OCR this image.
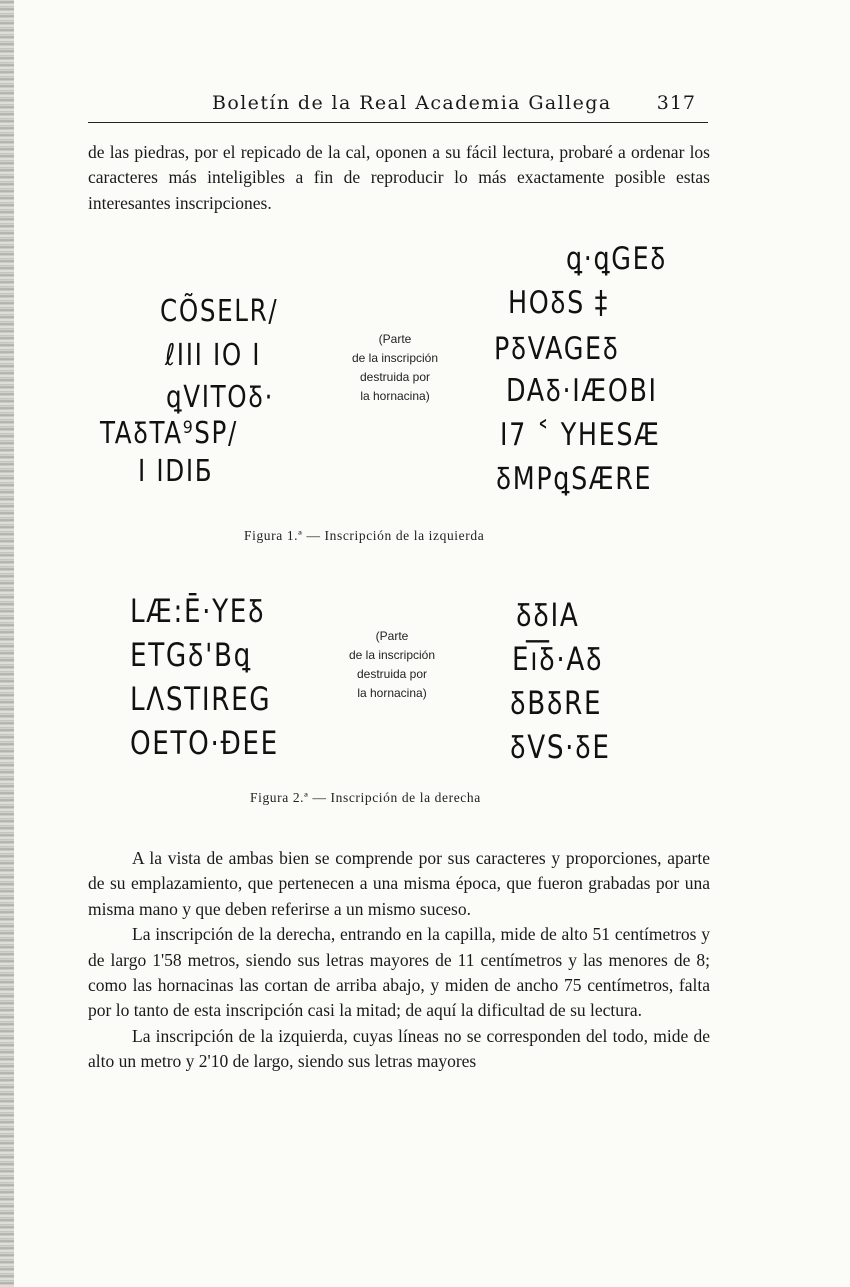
Boletín de la Real Academia Gallega 317

de las piedras, por el repicado de la cal, oponen a su fácil lectura, probaré a ordenar los caracteres más inteligibles a fin de reproducir lo más exactamente posible estas interesantes inscripciones.

CÕSELR/
ℓIII IO I
ꝗVITOꝽ·
TAꝽTA⁹SP/
I IDIБ
(Parte
de la inscripción
destruida por
la hornacina)
ꝗ·ꝗGEꝽ
HOꝽS ‡
PꝽVAGEꝽ
DAꝽ·IÆOBI
I7 ˂ YHESÆ
ꝽMPꝗSÆRE
Figura 1.ª — Inscripción de la izquierda
LÆ:Ē·YEꝽ
ETGꝽ'Bꝗ
LΛSTIREG
OETO·ÐEE
(Parte
de la inscripción
destruida por
la hornacina)
ꝽꝽIA
Eı͞Ᵹ·AꝽ
ꝽBꝽRE
ꝽVS·ꝽE
Figura 2.ª — Inscripción de la derecha

A la vista de ambas bien se comprende por sus caracteres y proporciones, aparte de su emplazamiento, que pertenecen a una misma época, que fueron grabadas por una misma mano y que deben referirse a un mismo suceso.

La inscripción de la derecha, entrando en la capilla, mide de alto 51 centímetros y de largo 1'58 metros, siendo sus letras mayores de 11 centímetros y las menores de 8; como las hornacinas las cortan de arriba abajo, y miden de ancho 75 centímetros, falta por lo tanto de esta inscripción casi la mitad; de aquí la dificultad de su lectura.

La inscripción de la izquierda, cuyas líneas no se corresponden del todo, mide de alto un metro y 2'10 de largo, siendo sus letras mayores
